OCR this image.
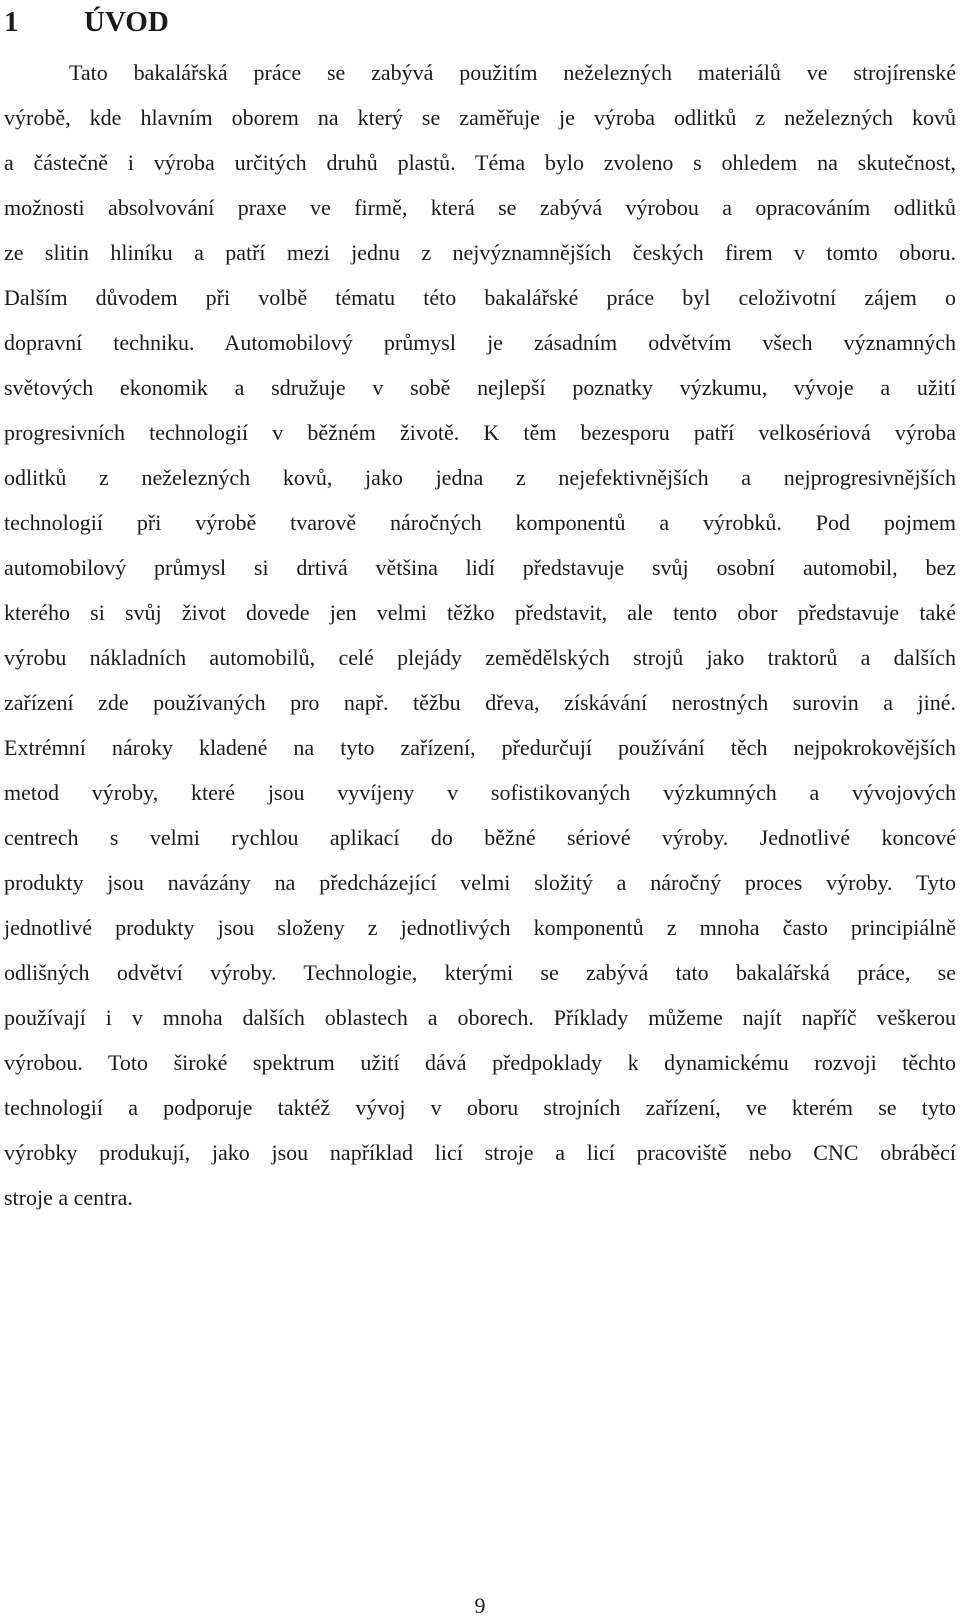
1 ÚVOD
Tato bakalářská práce se zabývá použitím neželezných materiálů ve strojírenské
výrobě, kde hlavním oborem na který se zaměřuje je výroba odlitků z neželezných kovů
a částečně i výroba určitých druhů plastů. Téma bylo zvoleno s ohledem na skutečnost,
možnosti absolvování praxe ve firmě, která se zabývá výrobou a opracováním odlitků
ze slitin hliníku a patří mezi jednu z nejvýznamnějších českých firem v tomto oboru.
Dalším důvodem při volbě tématu této bakalářské práce byl celoživotní zájem o
dopravní techniku. Automobilový průmysl je zásadním odvětvím všech významných
světových ekonomik a sdružuje v sobě nejlepší poznatky výzkumu, vývoje a užití
progresivních technologií v běžném životě. K těm bezesporu patří velkosériová výroba
odlitků z neželezných kovů, jako jedna z nejefektivnějších a nejprogresivnějších
technologií při výrobě tvarově náročných komponentů a výrobků. Pod pojmem
automobilový průmysl si drtivá většina lidí představuje svůj osobní automobil, bez
kterého si svůj život dovede jen velmi těžko představit, ale tento obor představuje také
výrobu nákladních automobilů, celé plejády zemědělských strojů jako traktorů a dalších
zařízení zde používaných pro např. těžbu dřeva, získávání nerostných surovin a jiné.
Extrémní nároky kladené na tyto zařízení, předurčují používání těch nejpokrokovějších
metod výroby, které jsou vyvíjeny v sofistikovaných výzkumných a vývojových
centrech s velmi rychlou aplikací do běžné sériové výroby. Jednotlivé koncové
produkty jsou navázány na předcházející velmi složitý a náročný proces výroby. Tyto
jednotlivé produkty jsou složeny z jednotlivých komponentů z mnoha často principiálně
odlišných odvětví výroby. Technologie, kterými se zabývá tato bakalářská práce, se
používají i v mnoha dalších oblastech a oborech. Příklady můžeme najít napříč veškerou
výrobou. Toto široké spektrum užití dává předpoklady k dynamickému rozvoji těchto
technologií a podporuje taktéž vývoj v oboru strojních zařízení, ve kterém se tyto
výrobky produkují, jako jsou například licí stroje a licí pracoviště nebo CNC obráběcí
stroje a centra.
9
